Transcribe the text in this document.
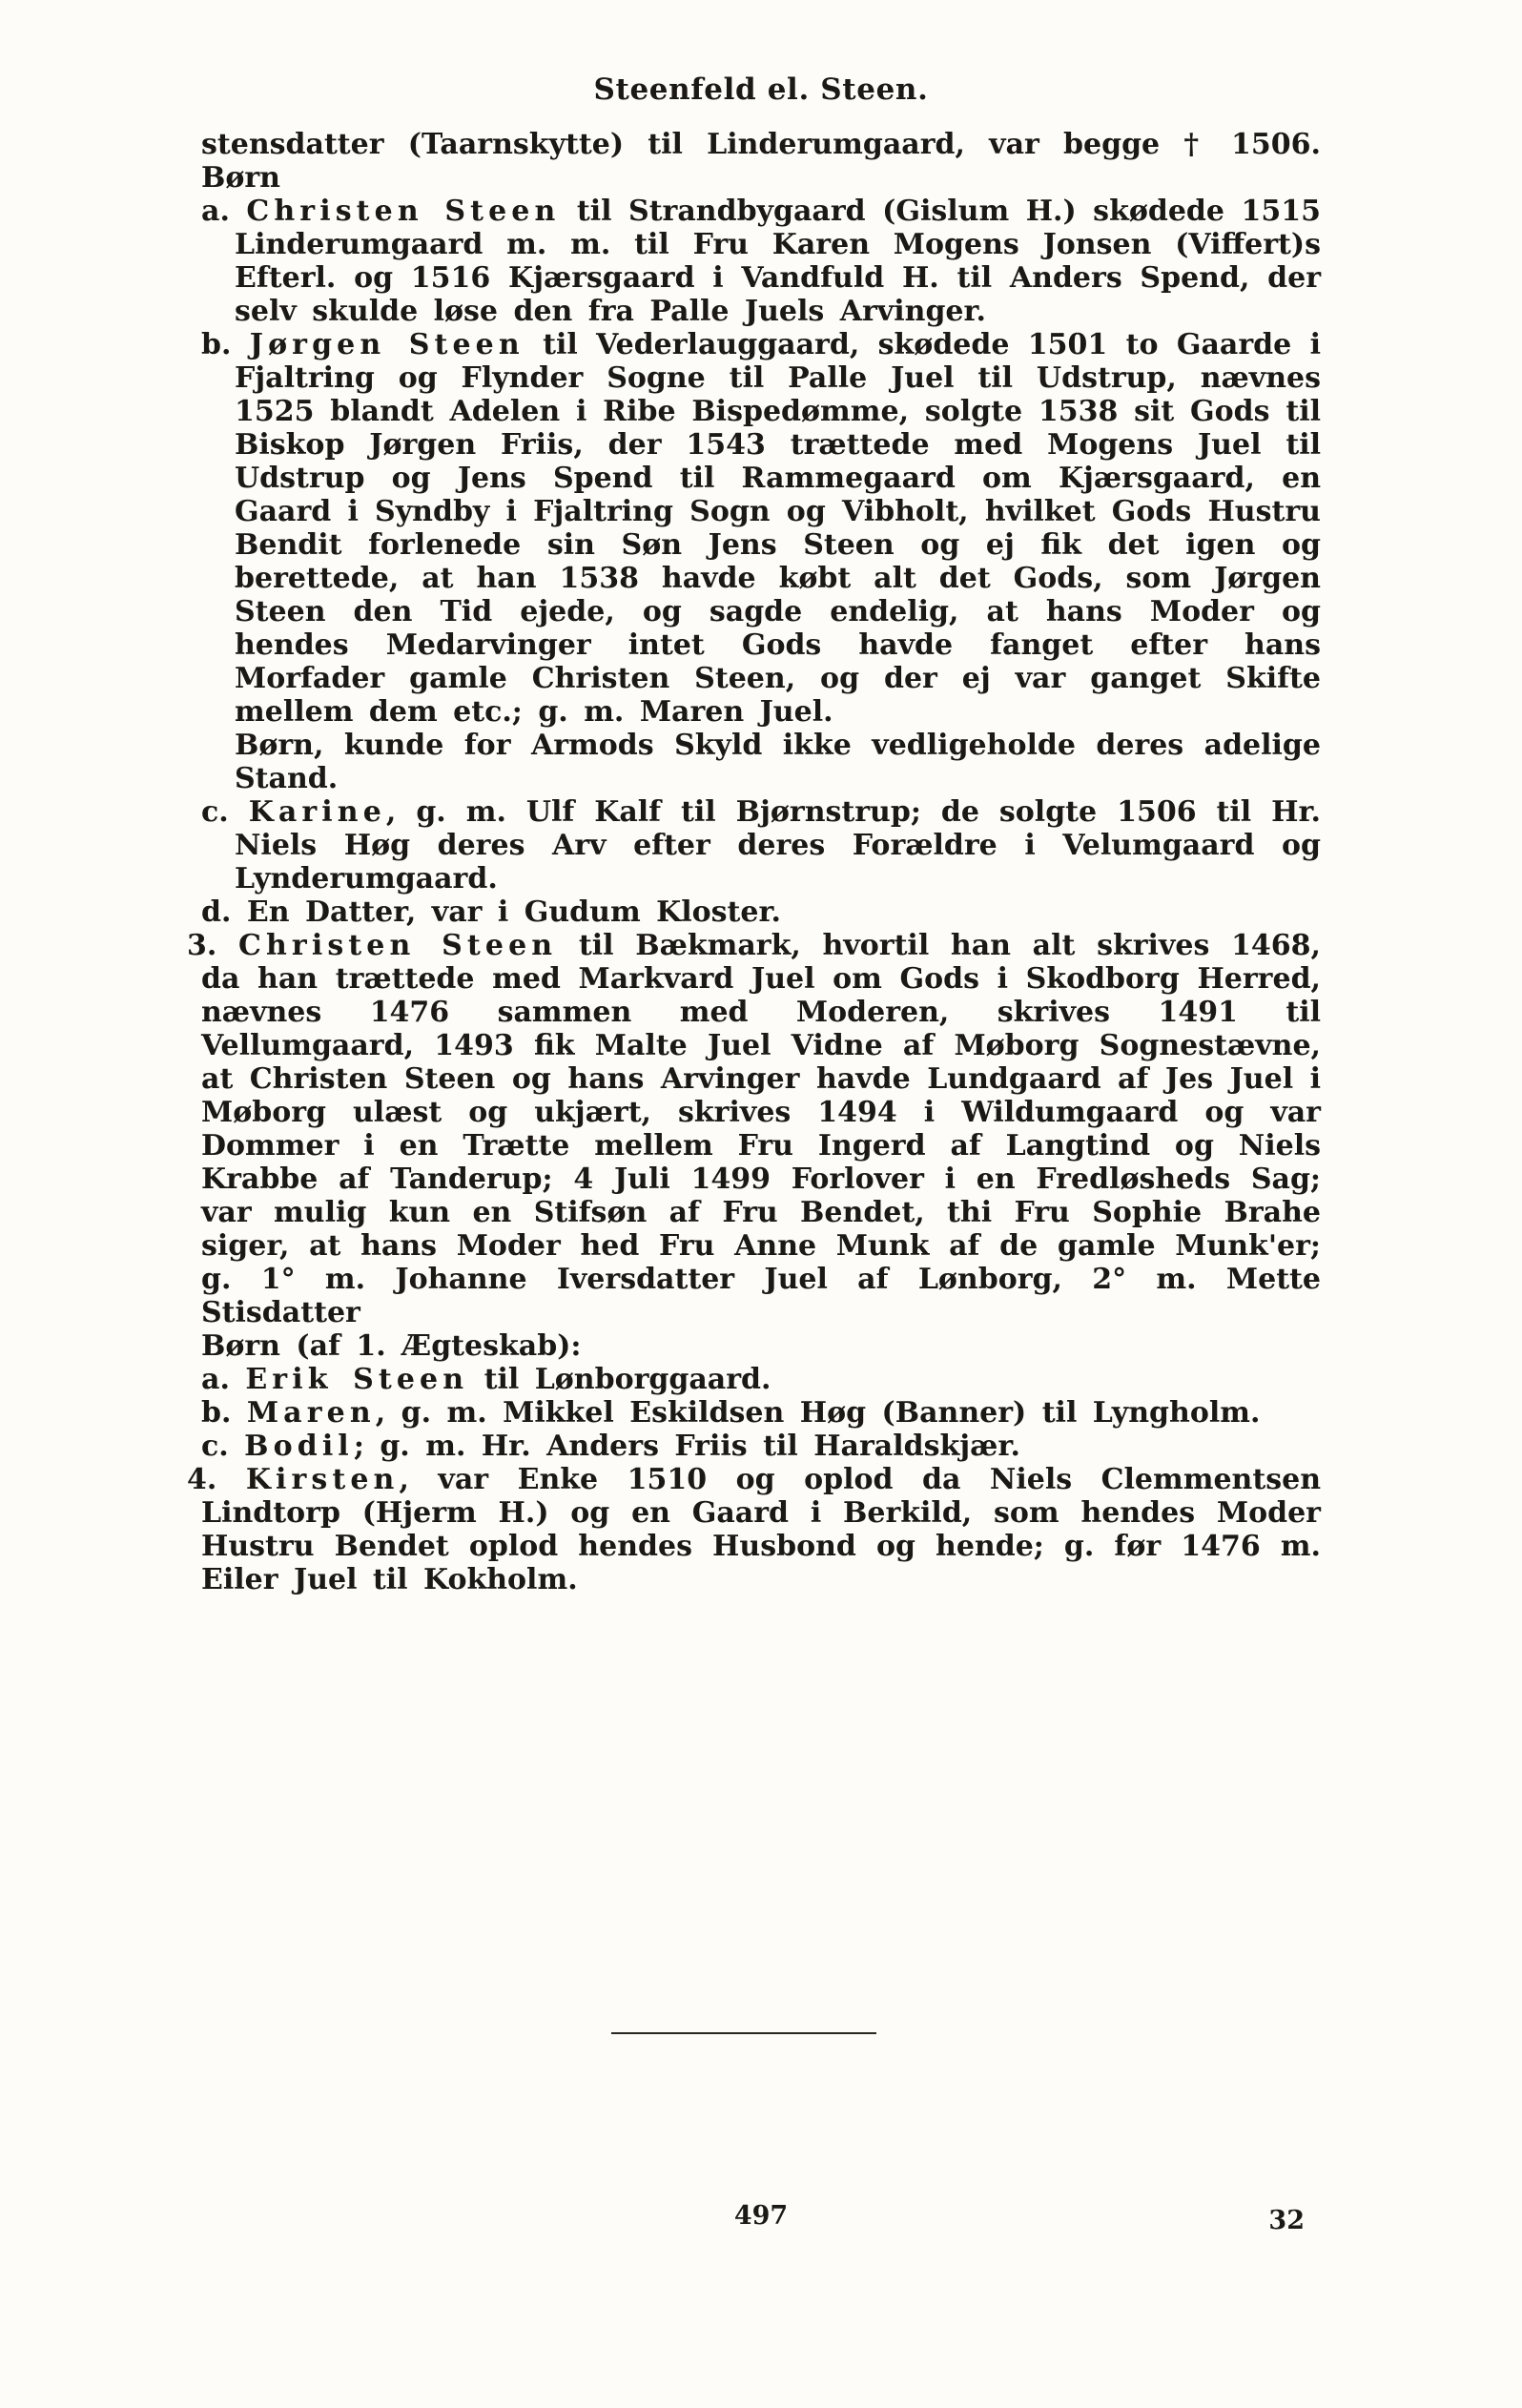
Steenfeld el. Steen.

stensdatter (Taarnskytte) til Linderumgaard, var begge † 1506. Børn

a. Christen Steen til Strandbygaard (Gislum H.) skødede 1515 Linderumgaard m. m. til Fru Karen Mogens Jonsen (Viffert)s Efterl. og 1516 Kjærsgaard i Vandfuld H. til Anders Spend, der selv skulde løse den fra Palle Juels Arvinger.

b. Jørgen Steen til Vederlauggaard, skødede 1501 to Gaarde i Fjaltring og Flynder Sogne til Palle Juel til Udstrup, nævnes 1525 blandt Adelen i Ribe Bispedømme, solgte 1538 sit Gods til Biskop Jørgen Friis, der 1543 trættede med Mogens Juel til Udstrup og Jens Spend til Rammegaard om Kjærsgaard, en Gaard i Syndby i Fjaltring Sogn og Vibholt, hvilket Gods Hustru Bendit forlenede sin Søn Jens Steen og ej fik det igen og berettede, at han 1538 havde købt alt det Gods, som Jørgen Steen den Tid ejede, og sagde endelig, at hans Moder og hendes Medarvinger intet Gods havde fanget efter hans Morfader gamle Christen Steen, og der ej var ganget Skifte mellem dem etc.; g. m. Maren Juel.

Børn, kunde for Armods Skyld ikke vedligeholde deres adelige Stand.

c. Karine, g. m. Ulf Kalf til Bjørnstrup; de solgte 1506 til Hr. Niels Høg deres Arv efter deres Forældre i Velumgaard og Lynderumgaard.

d. En Datter, var i Gudum Kloster.

3. Christen Steen til Bækmark, hvortil han alt skrives 1468, da han trættede med Markvard Juel om Gods i Skodborg Herred, nævnes 1476 sammen med Moderen, skrives 1491 til Vellumgaard, 1493 fik Malte Juel Vidne af Møborg Sognestævne, at Christen Steen og hans Arvinger havde Lundgaard af Jes Juel i Møborg ulæst og ukjært, skrives 1494 i Wildumgaard og var Dommer i en Trætte mellem Fru Ingerd af Langtind og Niels Krabbe af Tanderup; 4 Juli 1499 Forlover i en Fredløsheds Sag; var mulig kun en Stifsøn af Fru Bendet, thi Fru Sophie Brahe siger, at hans Moder hed Fru Anne Munk af de gamle Munk'er; g. 1° m. Johanne Iversdatter Juel af Lønborg, 2° m. Mette Stisdatter

Børn (af 1. Ægteskab):

a. Erik Steen til Lønborggaard.

b. Maren, g. m. Mikkel Eskildsen Høg (Banner) til Lyngholm.

c. Bodil; g. m. Hr. Anders Friis til Haraldskjær.

4. Kirsten, var Enke 1510 og oplod da Niels Clemmentsen Lindtorp (Hjerm H.) og en Gaard i Berkild, som hendes Moder Hustru Bendet oplod hendes Husbond og hende; g. før 1476 m. Eiler Juel til Kokholm.

497	32
